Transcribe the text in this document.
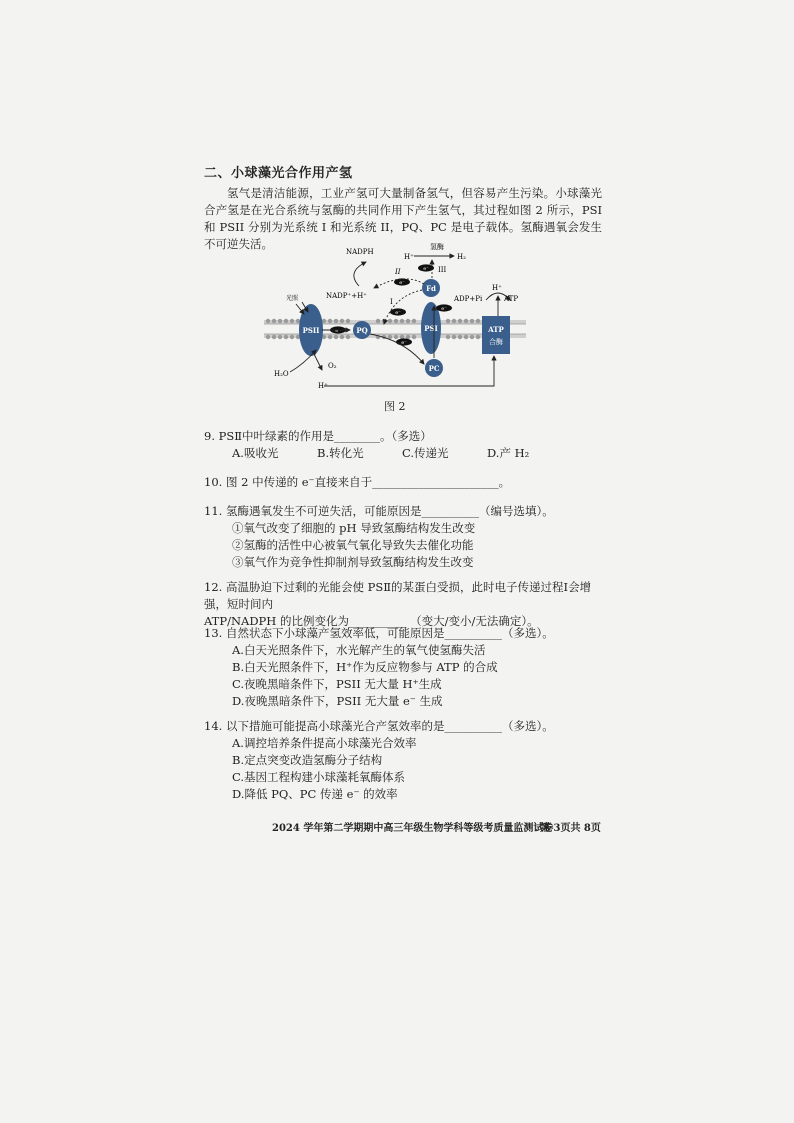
二、小球藻光合作用产氢

氢气是清洁能源，工业产氢可大量制备氢气，但容易产生污染。小球藻光合产氢是在光合系统与氢酶的共同作用下产生氢气，其过程如图 2 所示，PSI 和 PSII 分别为光系统 I 和光系统 II，PQ、PC 是电子载体。氢酶遇氧会发生不可逆失活。

PSII	PQ	PSI
Fd
PC
ATP
合酶
e⁻
e⁻
e⁻
e⁻
e⁻
e⁻
NADPH
H⁺
氢酶
H₂
II	III
I
NADP⁺+H⁺	ADP+Pi	ATP
H⁺
光照
H₂O
O₂
H⁺
图 2

9. PSⅡ中叶绿素的作用是________。（多选）

A.吸收光	B.转化光	C.传递光	D.产 H₂

10. 图 2 中传递的 e⁻直接来自于______________________。

11. 氢酶遇氧发生不可逆失活，可能原因是__________（编号选填）。

①氧气改变了细胞的 pH 导致氢酶结构发生改变

②氢酶的活性中心被氧气氧化导致失去催化功能

③氧气作为竞争性抑制剂导致氢酶结构发生改变

12. 高温胁迫下过剩的光能会使 PSⅡ的某蛋白受损，此时电子传递过程Ⅰ会增强，短时间内

ATP/NADPH 的比例变化为__________ （变大/变小/无法确定）。

13. 自然状态下小球藻产氢效率低，可能原因是__________（多选）。

A.白天光照条件下，水光解产生的氧气使氢酶失活

B.白天光照条件下，H⁺作为反应物参与 ATP 的合成

C.夜晚黑暗条件下，PSII 无大量 H⁺生成

D.夜晚黑暗条件下，PSII 无大量 e⁻ 生成

14. 以下措施可能提高小球藻光合产氢效率的是__________（多选）。

A.调控培养条件提高小球藻光合效率

B.定点突变改造氢酶分子结构

C.基因工程构建小球藻耗氧酶体系

D.降低 PQ、PC 传递 e⁻ 的效率

2024 学年第二学期期中高三年级生物学科等级考质量监测试卷
第 3页共 8页
